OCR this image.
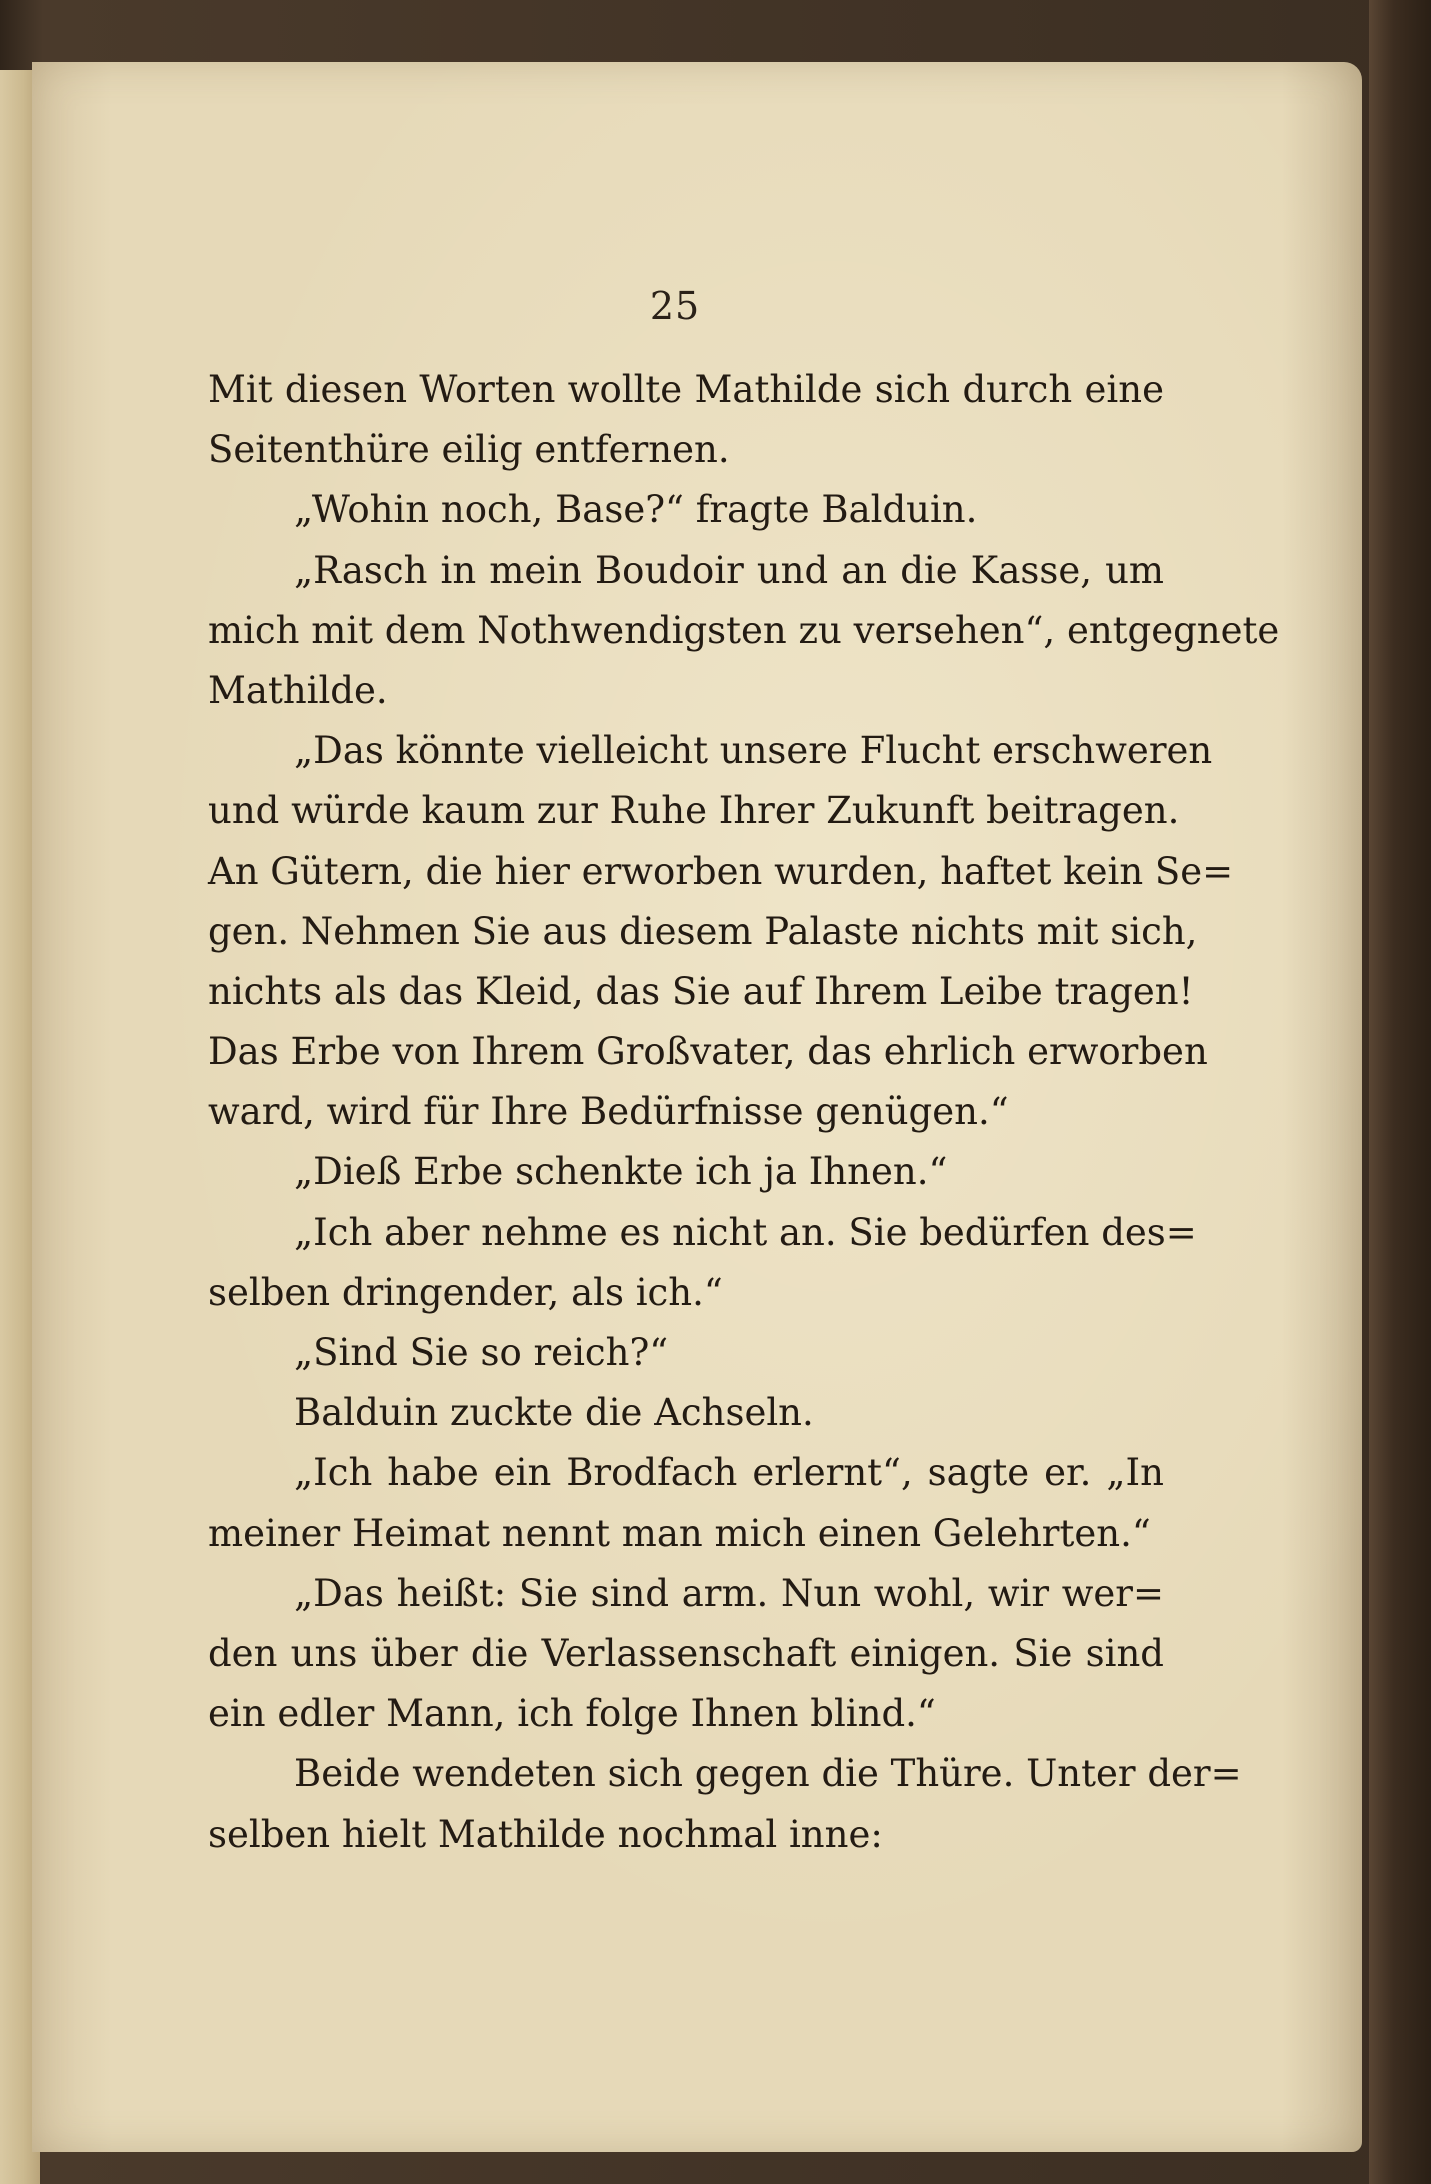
25
Mit diesen Worten wollte Mathilde sich durch eine
Seitenthüre eilig entfernen.
„Wohin noch, Base?“ fragte Balduin.
„Rasch in mein Boudoir und an die Kasse, um
mich mit dem Nothwendigsten zu versehen“, entgegnete
Mathilde.
„Das könnte vielleicht unsere Flucht erschweren
und würde kaum zur Ruhe Ihrer Zukunft beitragen.
An Gütern, die hier erworben wurden, haftet kein Se=
gen. Nehmen Sie aus diesem Palaste nichts mit sich,
nichts als das Kleid, das Sie auf Ihrem Leibe tragen!
Das Erbe von Ihrem Großvater, das ehrlich erworben
ward, wird für Ihre Bedürfnisse genügen.“
„Dieß Erbe schenkte ich ja Ihnen.“
„Ich aber nehme es nicht an. Sie bedürfen des=
selben dringender, als ich.“
„Sind Sie so reich?“
Balduin zuckte die Achseln.
„Ich habe ein Brodfach erlernt“, sagte er. „In
meiner Heimat nennt man mich einen Gelehrten.“
„Das heißt: Sie sind arm. Nun wohl, wir wer=
den uns über die Verlassenschaft einigen. Sie sind
ein edler Mann, ich folge Ihnen blind.“
Beide wendeten sich gegen die Thüre. Unter der=
selben hielt Mathilde nochmal inne:
